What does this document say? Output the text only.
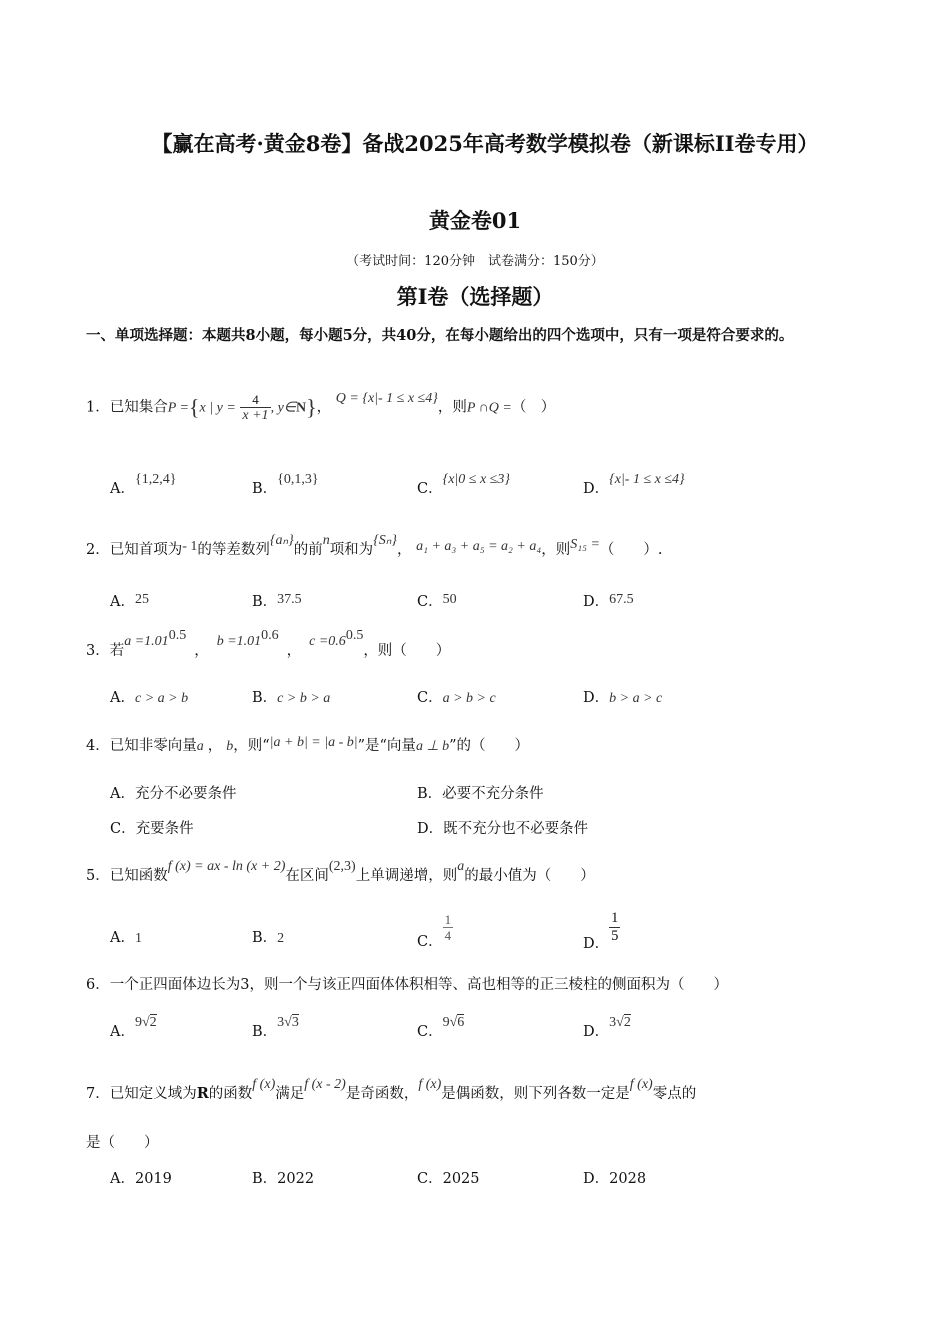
【赢在高考·黄金8卷】备战2025年高考数学模拟卷（新课标II卷专用）
黄金卷01
（考试时间：120分钟　试卷满分：150分）
第I卷（选择题）
一、单项选择题：本题共8小题，每小题5分，共40分，在每小题给出的四个选项中，只有一项是符合要求的。
1．已知集合P ={x | $y = \frac{4}{x +1}$ , y∈N}， Q = {x|- 1 ≤ x ≤4}，则P ∩Q =（　）
A．{1,2,4}
B．{0,1,3}
C．{x|0 ≤ x ≤3}
D．{x|- 1 ≤ x ≤4}
2．已知首项为- 1的等差数列{aₙ}的前n项和为{Sₙ}， a₁ + a₃ + a₅ = a₂ + a₄，则S₁₅ =（　　）.
A．25	B．37.5	C．50	D．67.5
3．若$a =1.01^{0.5}$，$b =1.01^{0.6}$，$c =0.6^{0.5}$，则（　　）
A．c > a > b	B．c > b > a	C．a > b > c	D．b > a > c
4．已知非零向量a ， b，则“|a + b| = |a - b|”是“向量a ⊥ b”的（　　）
A．充分不必要条件	B．必要不充分条件
C．充要条件	D．既不充分也不必要条件
5．已知函数f (x) = ax - ln (x + 2)在区间(2,3)上单调递增，则a的最小值为（　　）
A．1	B．2	C． $\frac{1}{4}$
D． $\frac{1}{5}$
6．一个正四面体边长为3，则一个与该正四面体体积相等、高也相等的正三棱柱的侧面积为（　　）
A．9√2
B．3√3
C．9√6
D．3√2
7．已知定义域为R的函数f (x)满足f (x - 2)是奇函数，f (x)是偶函数，则下列各数一定是f (x)零点的
是（　　）
A．2019	B．2022	C．2025	D．2028
